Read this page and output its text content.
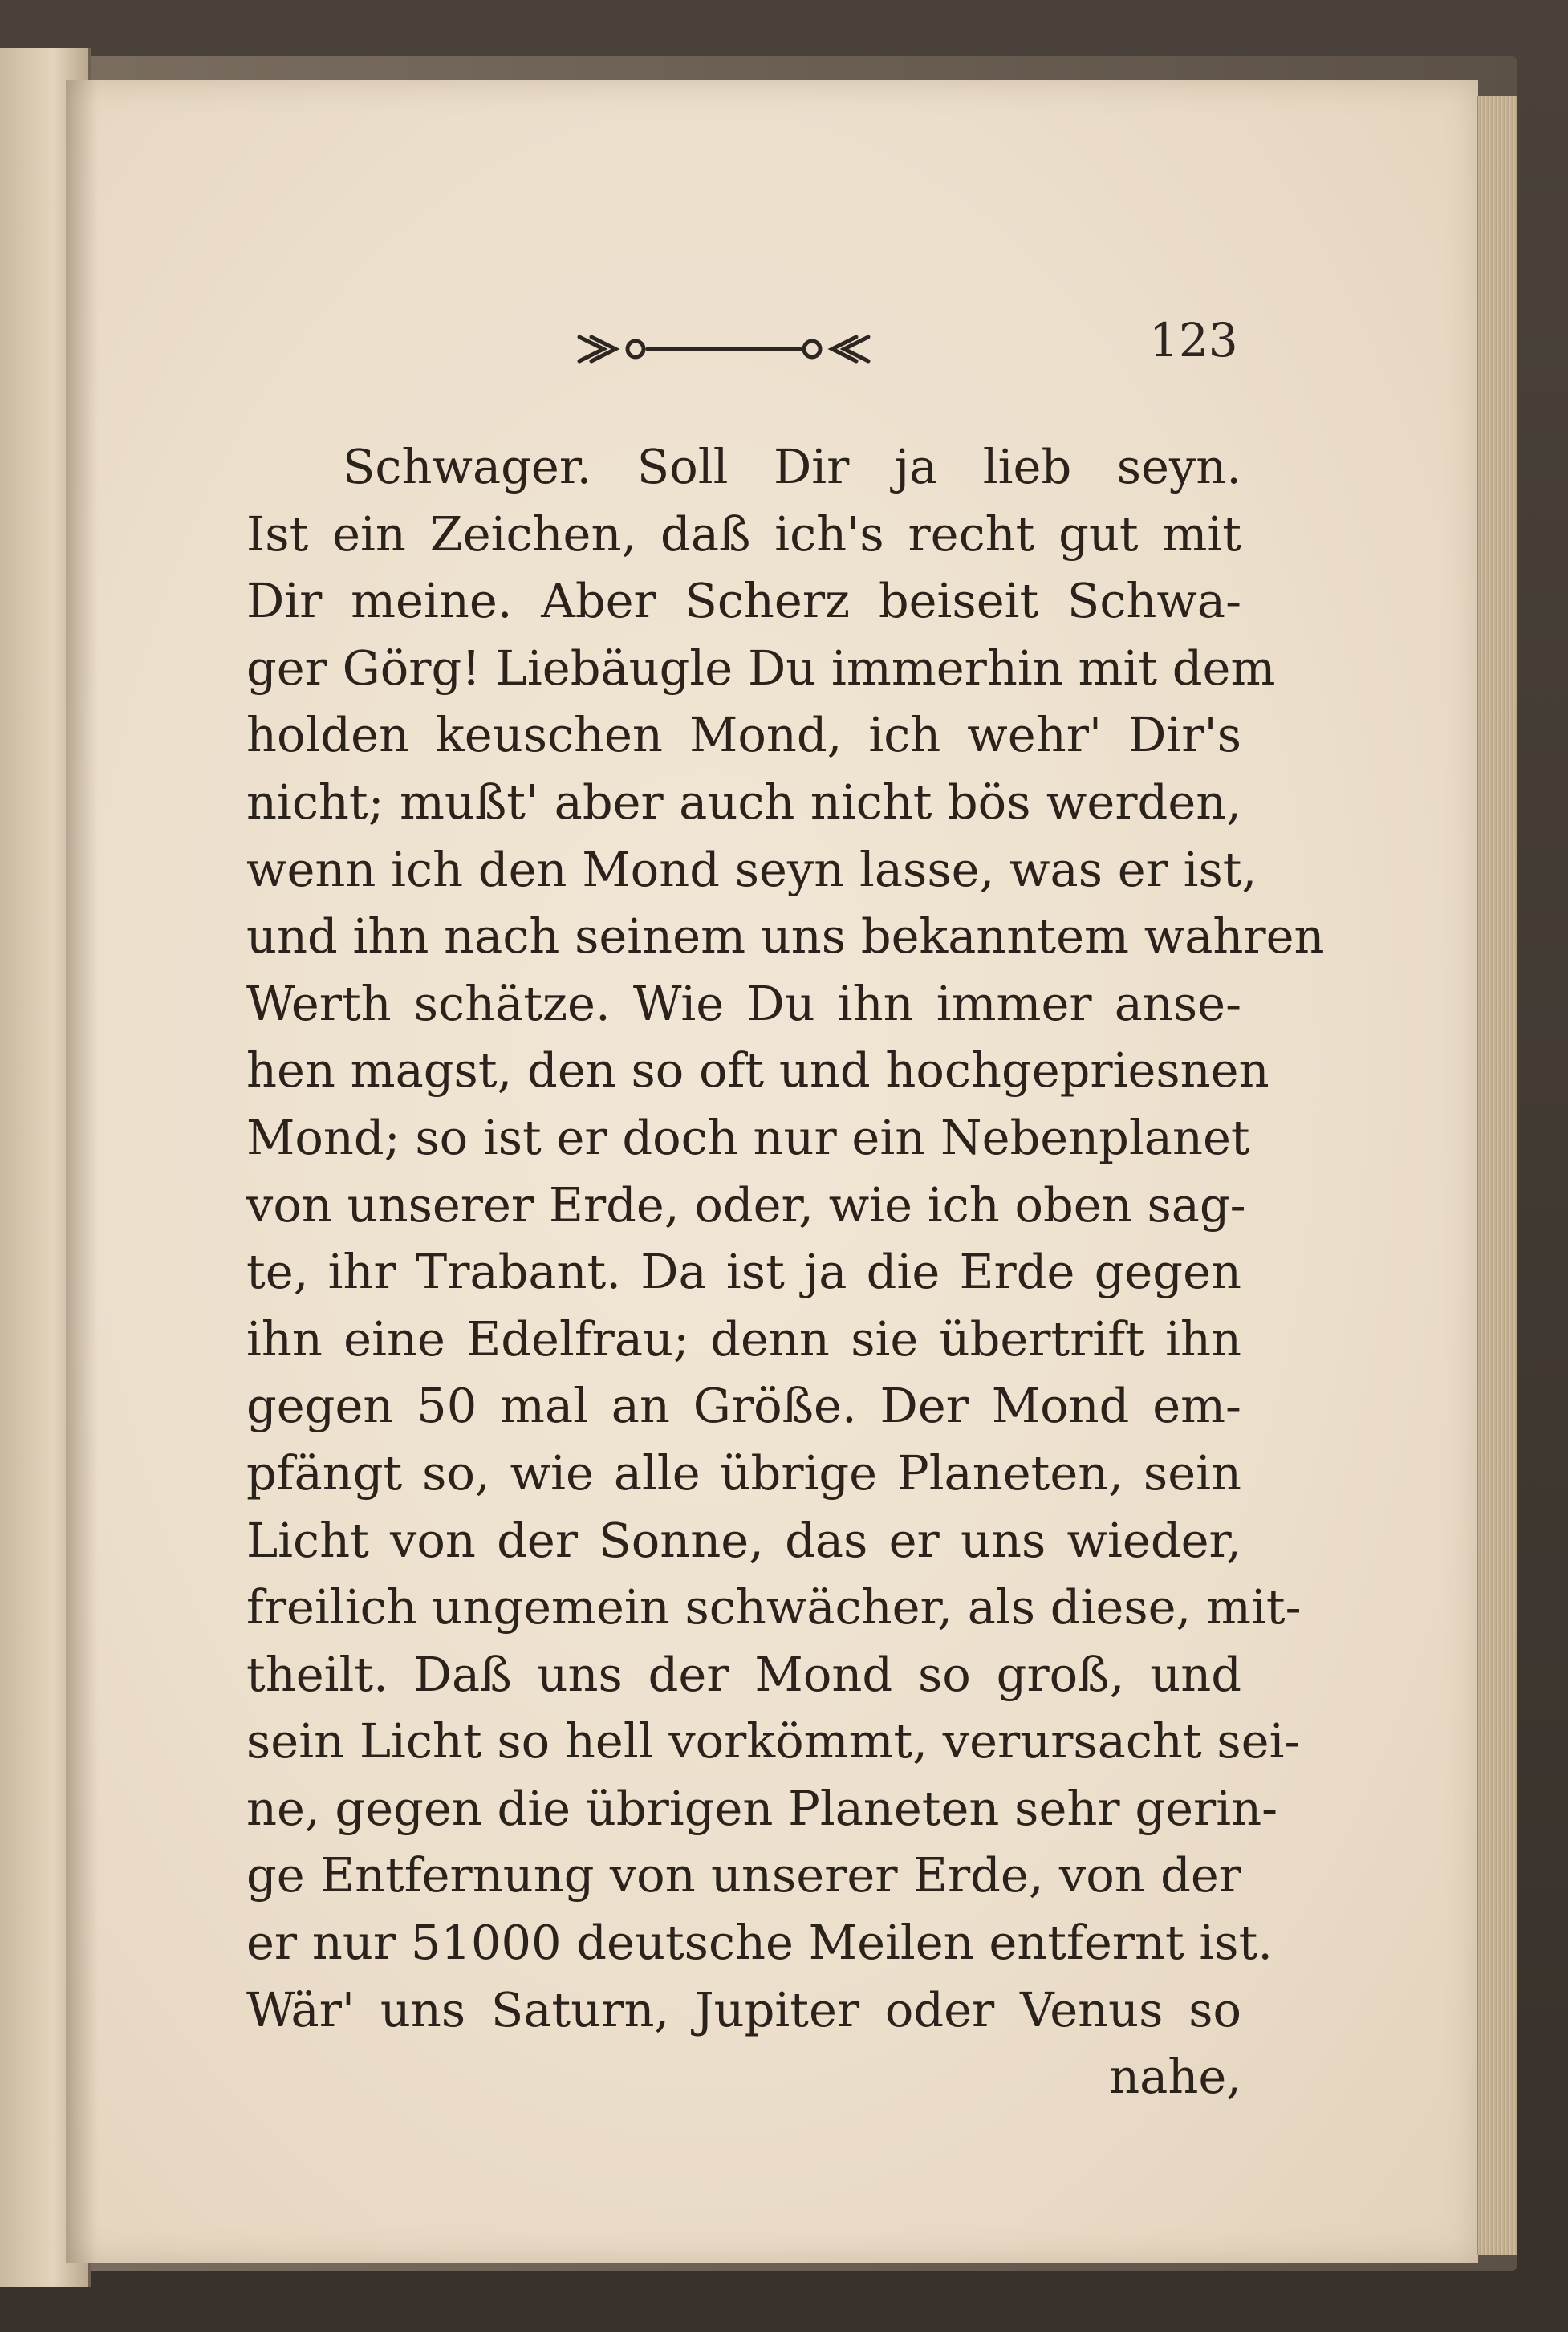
123
Schwager. Soll Dir ja lieb seyn.
Ist ein Zeichen, daß ich's recht gut mit
Dir meine. Aber Scherz beiseit Schwa-
ger Görg! Liebäugle Du immerhin mit dem
holden keuschen Mond, ich wehr' Dir's
nicht; mußt' aber auch nicht bös werden,
wenn ich den Mond seyn lasse, was er ist,
und ihn nach seinem uns bekanntem wahren
Werth schätze. Wie Du ihn immer anse-
hen magst, den so oft und hochgepriesnen
Mond; so ist er doch nur ein Nebenplanet
von unserer Erde, oder, wie ich oben sag-
te, ihr Trabant. Da ist ja die Erde gegen
ihn eine Edelfrau; denn sie übertrift ihn
gegen 50 mal an Größe. Der Mond em-
pfängt so, wie alle übrige Planeten, sein
Licht von der Sonne, das er uns wieder,
freilich ungemein schwächer, als diese, mit-
theilt. Daß uns der Mond so groß, und
sein Licht so hell vorkömmt, verursacht sei-
ne, gegen die übrigen Planeten sehr gerin-
ge Entfernung von unserer Erde, von der
er nur 51000 deutsche Meilen entfernt ist.
Wär' uns Saturn, Jupiter oder Venus so
nahe,
